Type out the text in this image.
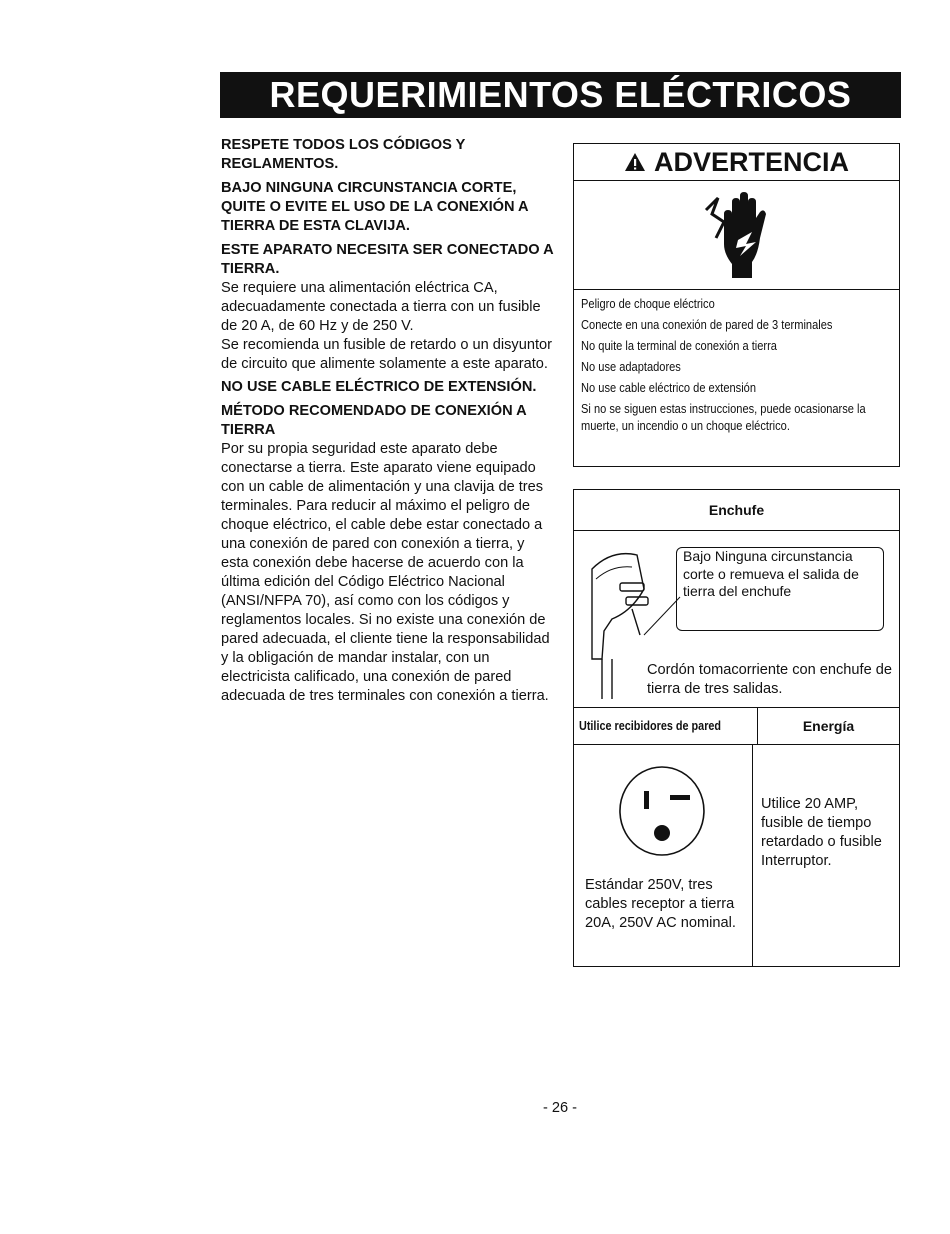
REQUERIMIENTOS ELÉCTRICOS
RESPETE TODOS LOS CÓDIGOS Y REGLAMENTOS.
BAJO NINGUNA CIRCUNSTANCIA CORTE, QUITE O EVITE EL USO DE LA CONEXIÓN A TIERRA DE ESTA CLAVIJA.
ESTE APARATO NECESITA SER CONECTADO A TIERRA.
Se requiere una alimentación eléctrica CA, adecuadamente conectada a tierra con un fusible de 20 A, de 60 Hz y de 250 V.
Se recomienda un fusible de retardo o un disyuntor de circuito que alimente solamente a este aparato.
NO USE CABLE ELÉCTRICO DE EXTENSIÓN.
MÉTODO RECOMENDADO DE CONEXIÓN A TIERRA
Por su propia seguridad este aparato debe conectarse a tierra. Este aparato viene equipado con un cable de alimentación y una clavija de tres terminales. Para reducir al máximo el peligro de choque eléctrico, el cable debe estar conectado a una conexión de pared con conexión a tierra, y esta conexión debe hacerse de acuerdo con la última edición del Código Eléctrico Nacional (ANSI/NFPA 70), así como con los códigos y reglamentos locales. Si no existe una conexión de pared adecuada, el cliente tiene la responsabilidad y la obligación de mandar instalar, con un electricista calificado, una conexión de pared adecuada de tres terminales con conexión a tierra.
ADVERTENCIA
Peligro de choque eléctrico
Conecte en una conexión de pared de 3 terminales
No quite la terminal de conexión a tierra
No use adaptadores
No use cable eléctrico de extensión
Si no se siguen estas instrucciones, puede ocasionarse la muerte, un incendio o un choque eléctrico.
Enchufe
Bajo Ninguna circunstancia corte o remueva el salida de tierra del enchufe
Cordón tomacorriente con enchufe de tierra de tres salidas.
Utilice recibidores de pared	Energía
Estándar 250V, tres cables receptor a tierra 20A, 250V AC nominal.
Utilice 20 AMP, fusible de tiempo retardado o fusible Interruptor.
- 26 -
